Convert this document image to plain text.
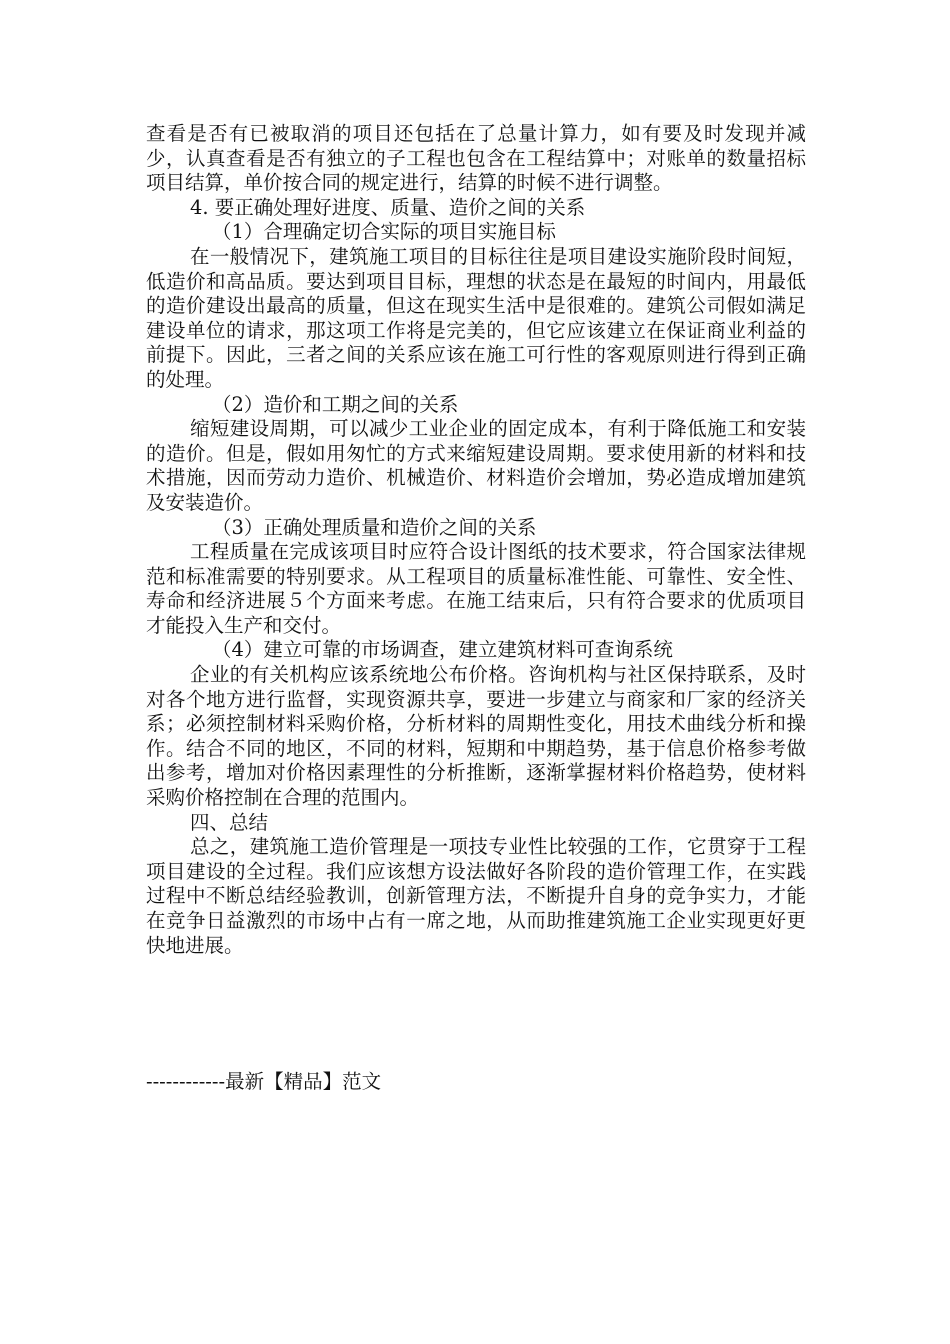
查看是否有已被取消的项目还包括在了总量计算力，如有要及时发现并减少，认真查看是否有独立的子工程也包含在工程结算中；对账单的数量招标项目结算，单价按合同的规定进行，结算的时候不进行调整。

4. 要正确处理好进度、质量、造价之间的关系

（1）合理确定切合实际的项目实施目标

在一般情况下，建筑施工项目的目标往往是项目建设实施阶段时间短，低造价和高品质。要达到项目目标，理想的状态是在最短的时间内，用最低的造价建设出最高的质量，但这在现实生活中是很难的。建筑公司假如满足建设单位的请求，那这项工作将是完美的，但它应该建立在保证商业利益的前提下。因此，三者之间的关系应该在施工可行性的客观原则进行得到正确的处理。

（2）造价和工期之间的关系

缩短建设周期，可以减少工业企业的固定成本，有利于降低施工和安装的造价。但是，假如用匆忙的方式来缩短建设周期。要求使用新的材料和技术措施，因而劳动力造价、机械造价、材料造价会增加，势必造成增加建筑及安装造价。

（3）正确处理质量和造价之间的关系

工程质量在完成该项目时应符合设计图纸的技术要求，符合国家法律规范和标准需要的特别要求。从工程项目的质量标准性能、可靠性、安全性、寿命和经济进展５个方面来考虑。在施工结束后，只有符合要求的优质项目才能投入生产和交付。

（4）建立可靠的市场调查，建立建筑材料可查询系统

企业的有关机构应该系统地公布价格。咨询机构与社区保持联系，及时对各个地方进行监督，实现资源共享，要进一步建立与商家和厂家的经济关系；必须控制材料采购价格，分析材料的周期性变化，用技术曲线分析和操作。结合不同的地区，不同的材料，短期和中期趋势，基于信息价格参考做出参考，增加对价格因素理性的分析推断，逐渐掌握材料价格趋势，使材料采购价格控制在合理的范围内。

四、总结

总之，建筑施工造价管理是一项技专业性比较强的工作，它贯穿于工程项目建设的全过程。我们应该想方设法做好各阶段的造价管理工作，在实践过程中不断总结经验教训，创新管理方法，不断提升自身的竞争实力，才能在竞争日益激烈的市场中占有一席之地，从而助推建筑施工企业实现更好更快地进展。

------------最新【精品】范文
